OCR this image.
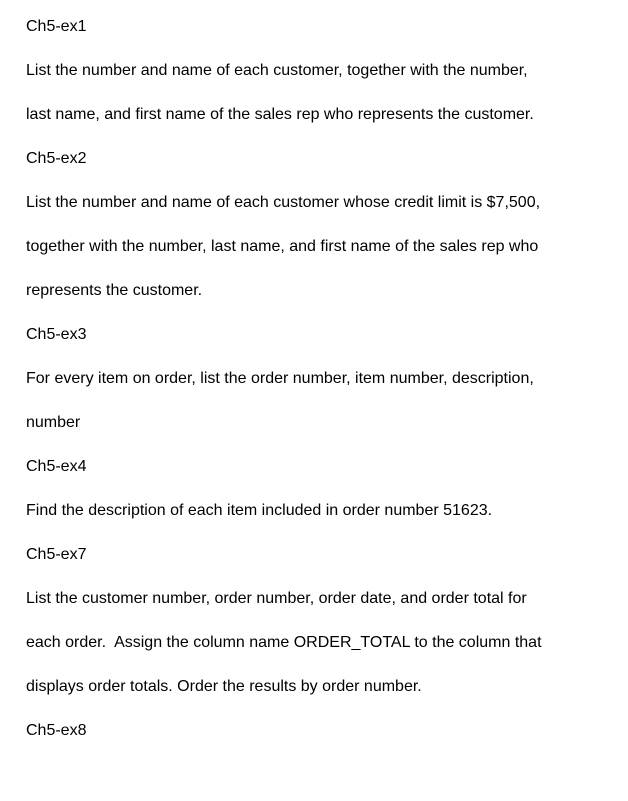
Ch5-ex1
List the number and name of each customer, together with the number,
last name, and first name of the sales rep who represents the customer.
Ch5-ex2
List the number and name of each customer whose credit limit is $7,500,
together with the number, last name, and first name of the sales rep who
represents the customer.
Ch5-ex3
For every item on order, list the order number, item number, description,
number
Ch5-ex4
Find the description of each item included in order number 51623.
Ch5-ex7
List the customer number, order number, order date, and order total for
each order.  Assign the column name ORDER_TOTAL to the column that
displays order totals. Order the results by order number.
Ch5-ex8
